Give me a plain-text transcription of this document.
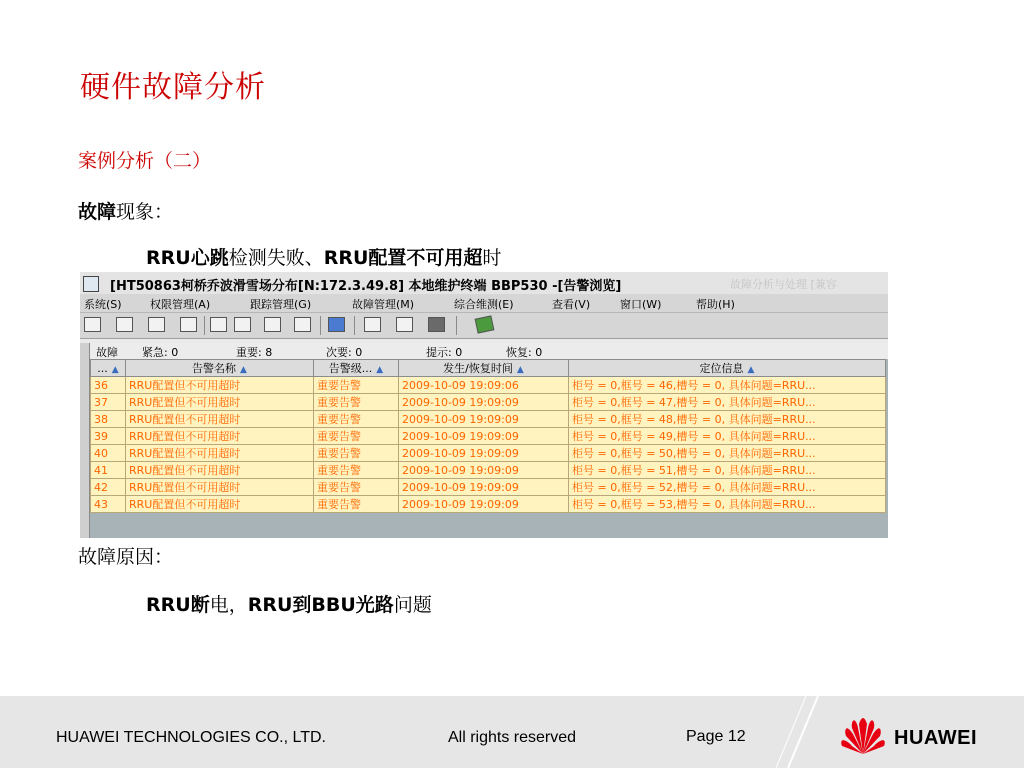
硬件故障分析
案例分析（二）
故障现象：
RRU心跳检测失败、RRU配置不可用超时
[HT50863柯桥乔波滑雪场分布[N:172.3.49.8] 本地维护终端 BBP530 -[告警浏览]	故障分析与处理 [兼容
系统(S)	权限管理(A)	跟踪管理(G)	故障管理(M)	综合维测(E)	查看(V)	窗口(W)	帮助(H)
故障 紧急: 0	重要: 8	次要: 0	提示: 0	恢复: 0
... ▲	告警名称 ▲	告警级... ▲	发生/恢复时间 ▲	定位信息 ▲
36	RRU配置但不可用超时	重要告警	2009-10-09 19:09:06	柜号 = 0,框号 = 46,槽号 = 0, 具体问题=RRU...
37	RRU配置但不可用超时	重要告警	2009-10-09 19:09:09	柜号 = 0,框号 = 47,槽号 = 0, 具体问题=RRU...
38	RRU配置但不可用超时	重要告警	2009-10-09 19:09:09	柜号 = 0,框号 = 48,槽号 = 0, 具体问题=RRU...
39	RRU配置但不可用超时	重要告警	2009-10-09 19:09:09	柜号 = 0,框号 = 49,槽号 = 0, 具体问题=RRU...
40	RRU配置但不可用超时	重要告警	2009-10-09 19:09:09	柜号 = 0,框号 = 50,槽号 = 0, 具体问题=RRU...
41	RRU配置但不可用超时	重要告警	2009-10-09 19:09:09	柜号 = 0,框号 = 51,槽号 = 0, 具体问题=RRU...
42	RRU配置但不可用超时	重要告警	2009-10-09 19:09:09	柜号 = 0,框号 = 52,槽号 = 0, 具体问题=RRU...
43	RRU配置但不可用超时	重要告警	2009-10-09 19:09:09	柜号 = 0,框号 = 53,槽号 = 0, 具体问题=RRU...
故障原因：
RRU断电，RRU到BBU光路问题
HUAWEI TECHNOLOGIES CO., LTD.	All rights reserved	Page 12	HUAWEI
